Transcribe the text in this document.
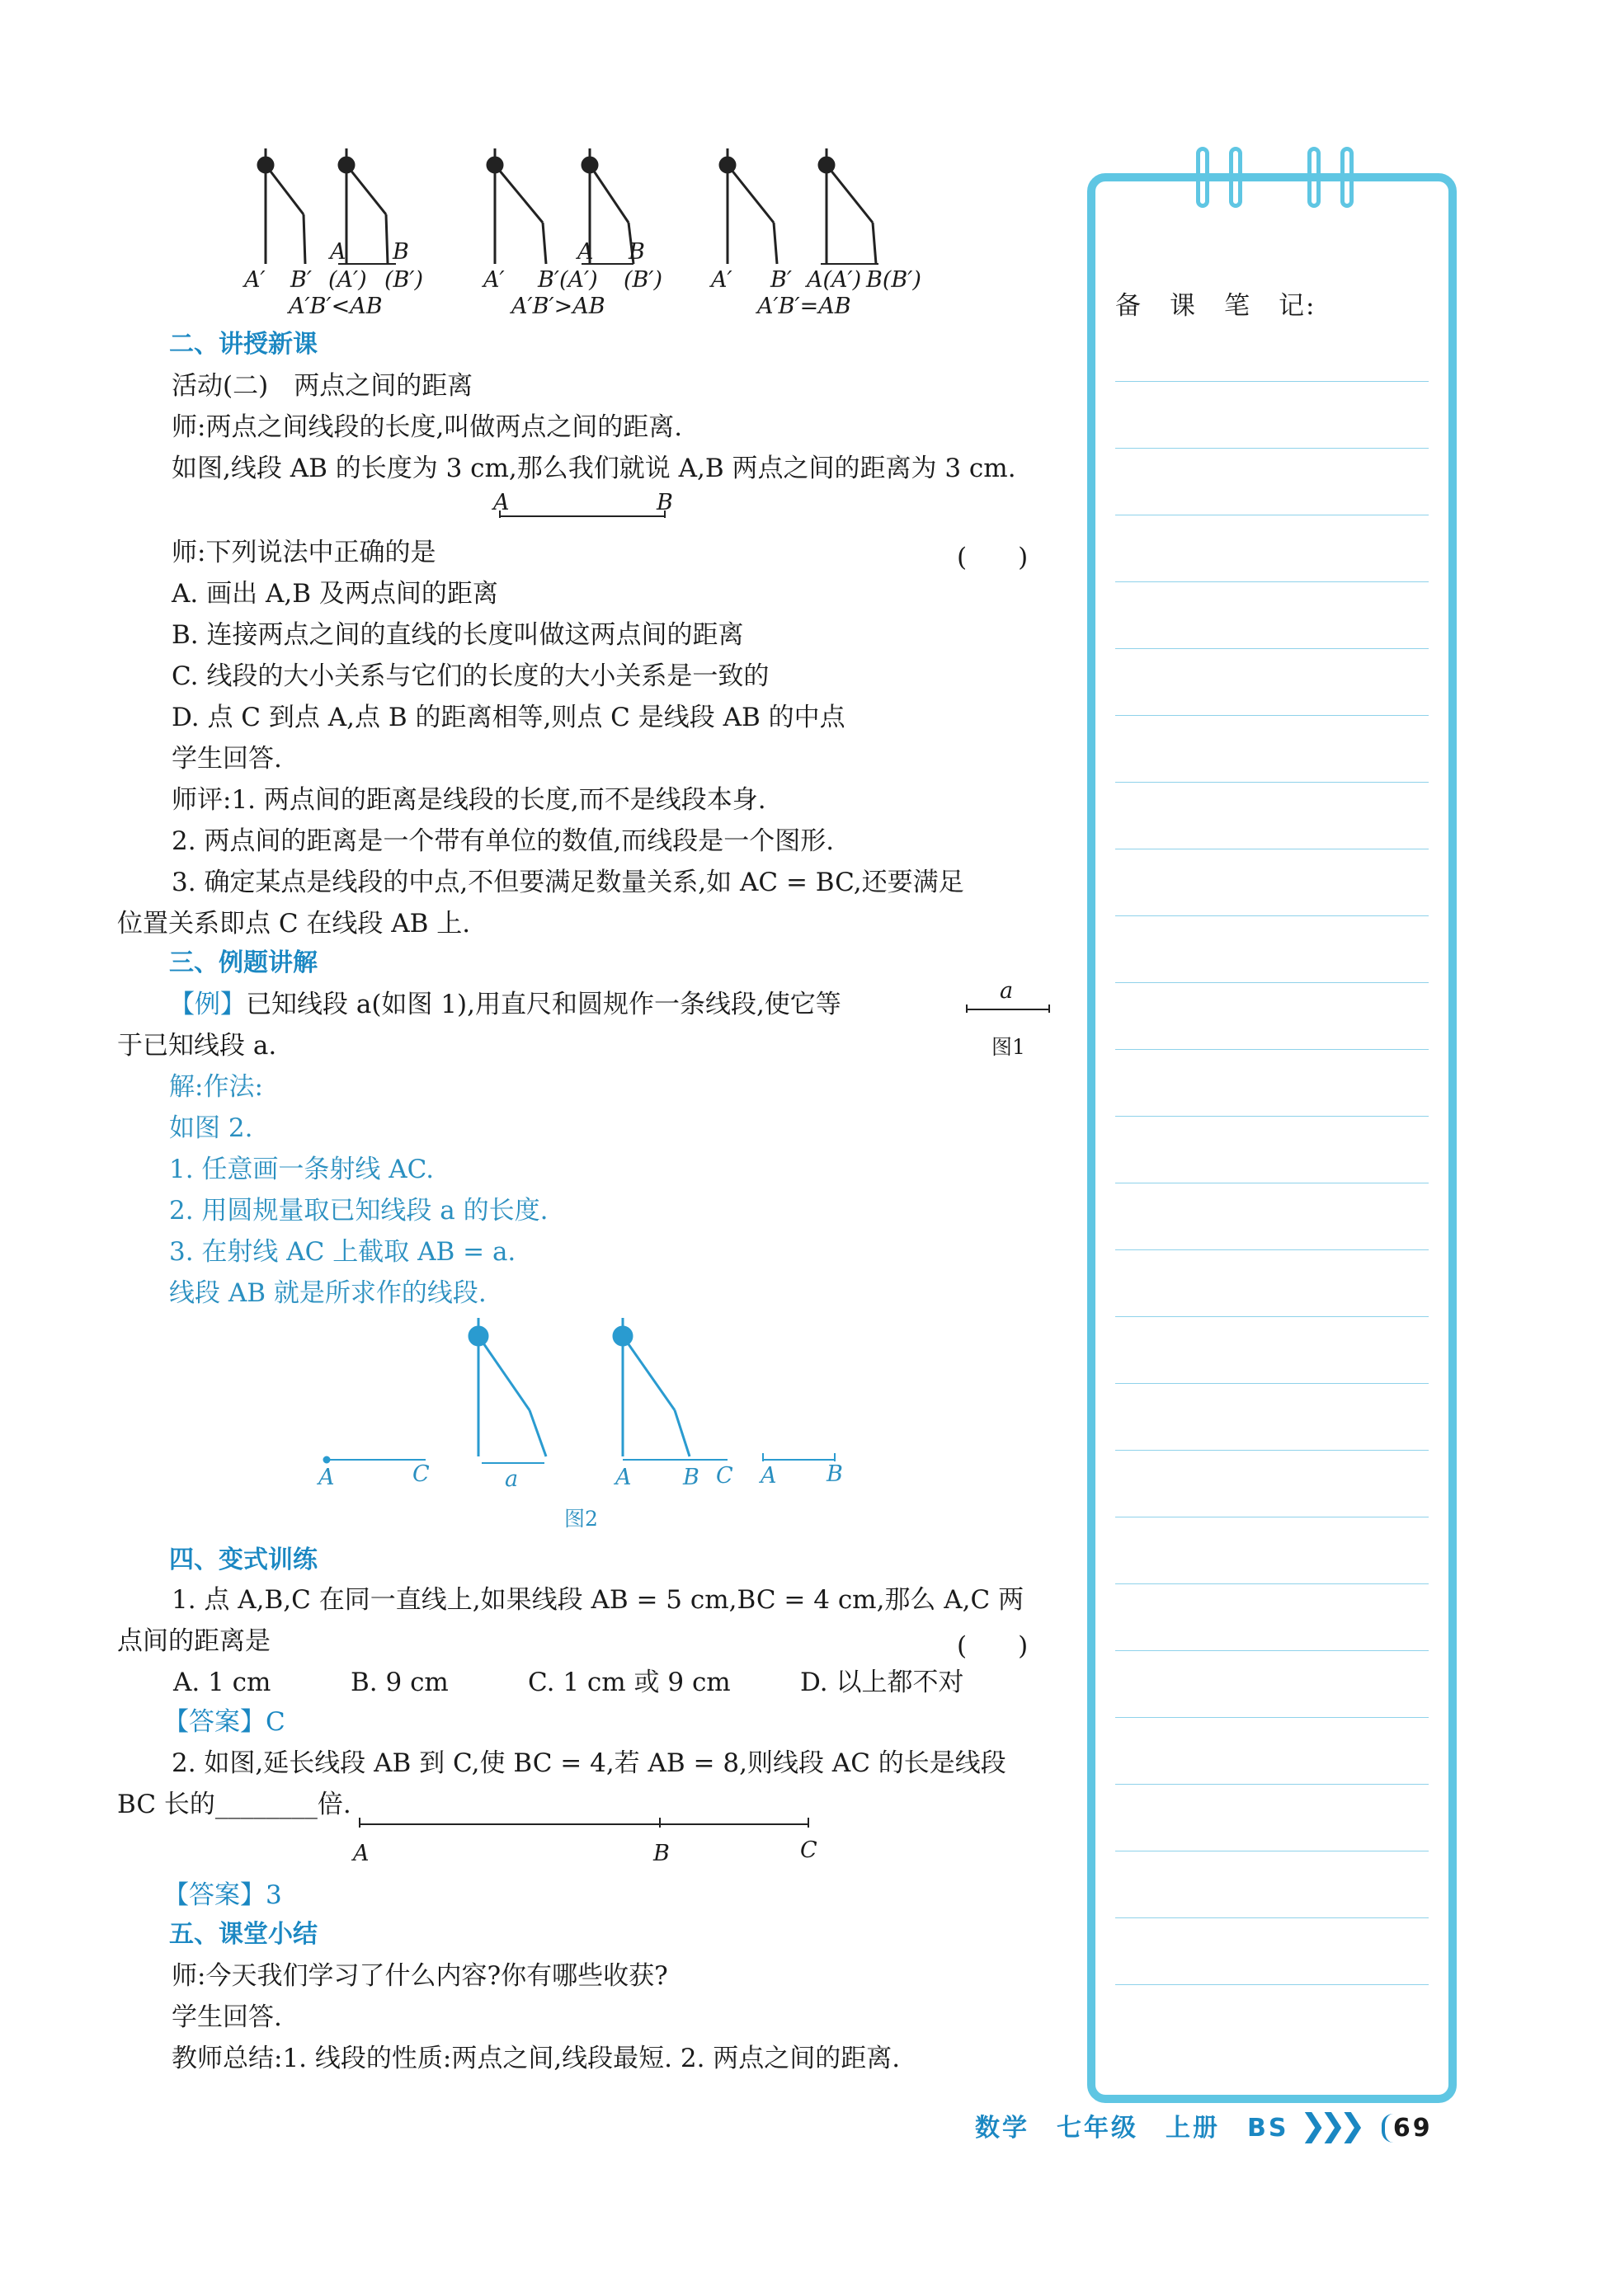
A′ B′
A B
(A′) (B′)
A′B′<AB
A′ B′(A′)
A B
(B′)
A′B′>AB
A′ B′ A(A′) B(B′)
A′B′=AB
二、讲授新课
活动(二)　两点之间的距离
师:两点之间线段的长度,叫做两点之间的距离.
如图,线段 AB 的长度为 3 cm,那么我们就说 A,B 两点之间的距离为 3 cm.
A	B
师:下列说法中正确的是	(　　)
A. 画出 A,B 及两点间的距离
B. 连接两点之间的直线的长度叫做这两点间的距离
C. 线段的大小关系与它们的长度的大小关系是一致的
D. 点 C 到点 A,点 B 的距离相等,则点 C 是线段 AB 的中点
学生回答.
师评:1. 两点间的距离是线段的长度,而不是线段本身.
2. 两点间的距离是一个带有单位的数值,而线段是一个图形.
3. 确定某点是线段的中点,不但要满足数量关系,如 AC = BC,还要满足
位置关系即点 C 在线段 AB 上.
三、例题讲解
【例】已知线段 a(如图 1),用直尺和圆规作一条线段,使它等
于已知线段 a.
a
图1
解:作法:
如图 2.
1. 任意画一条射线 AC.
2. 用圆规量取已知线段 a 的长度.
3. 在射线 AC 上截取 AB = a.
线段 AB 就是所求作的线段.
A	C	a	A B C A B
图2
四、变式训练
1. 点 A,B,C 在同一直线上,如果线段 AB = 5 cm,BC = 4 cm,那么 A,C 两
点间的距离是	(　　)
A. 1 cm	B. 9 cm	C. 1 cm 或 9 cm	D. 以上都不对
【答案】C
2. 如图,延长线段 AB 到 C,使 BC = 4,若 AB = 8,则线段 AC 的长是线段
BC 长的________倍.
A	B	C
【答案】3
五、课堂小结
师:今天我们学习了什么内容?你有哪些收获?
学生回答.
教师总结:1. 线段的性质:两点之间,线段最短. 2. 两点之间的距离.
备　课　笔　记:
数学　七年级　上册　BS ❯❯❯ 69
